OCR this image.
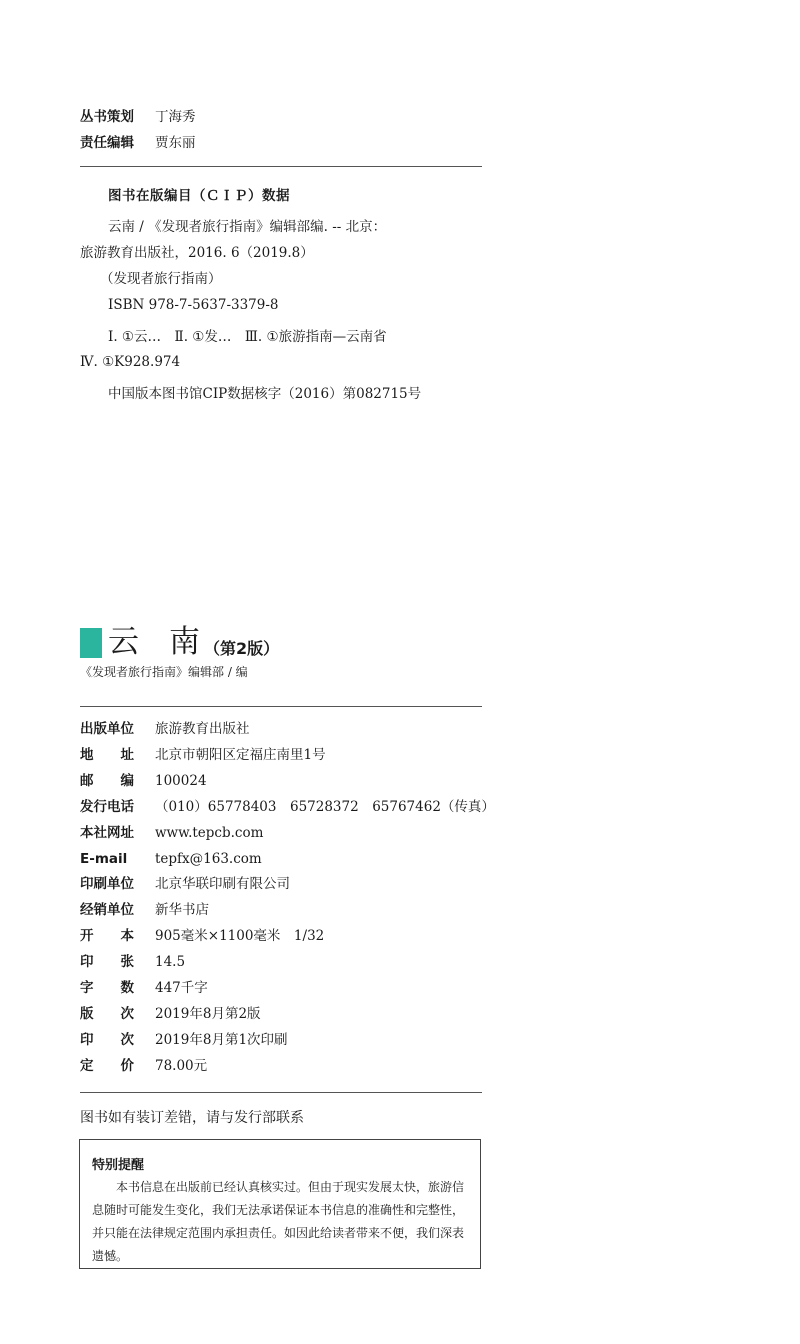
丛书策划 丁海秀
责任编辑 贾东丽
图书在版编目（ＣＩＰ）数据
云南 / 《发现者旅行指南》编辑部编. -- 北京：
旅游教育出版社，2016. 6（2019.8）
（发现者旅行指南）
ISBN 978-7-5637-3379-8
Ⅰ. ①云…　Ⅱ. ①发…　Ⅲ. ①旅游指南—云南省
Ⅳ. ①K928.974
中国版本图书馆CIP数据核字（2016）第082715号
云 南 （第2版）
《发现者旅行指南》编辑部 / 编
出版单位 旅游教育出版社
地　　址 北京市朝阳区定福庄南里1号
邮　　编 100024
发行电话 （010）65778403　65728372　65767462（传真）
本社网址 www.tepcb.com
E-mail tepfx@163.com
印刷单位 北京华联印刷有限公司
经销单位 新华书店
开　　本 905毫米×1100毫米　1/32
印　　张 14.5
字　　数 447千字
版　　次 2019年8月第2版
印　　次 2019年8月第1次印刷
定　　价 78.00元
图书如有装订差错，请与发行部联系
特别提醒
本书信息在出版前已经认真核实过。但由于现实发展太快，旅游信息随时可能发生变化，我们无法承诺保证本书信息的准确性和完整性，并只能在法律规定范围内承担责任。如因此给读者带来不便，我们深表遗憾。
